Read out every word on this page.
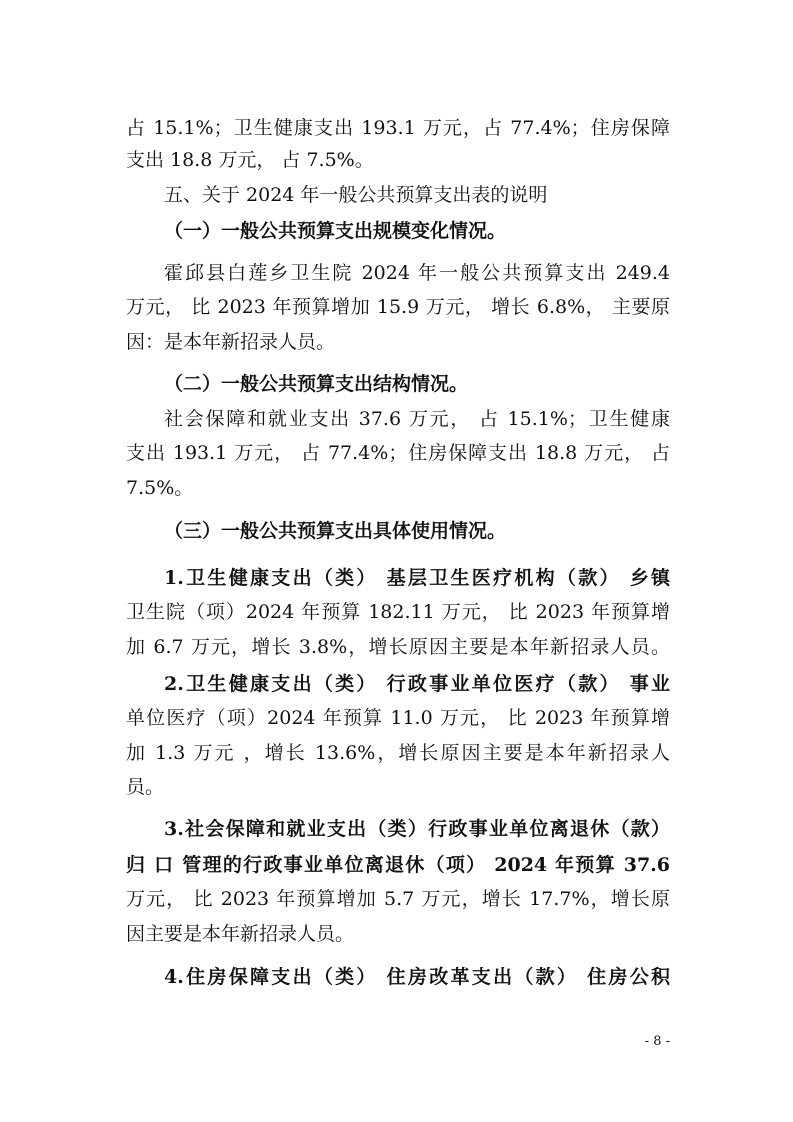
占 15.1%；卫生健康支出 193.1 万元，占 77.4%；住房保障
支出 18.8 万元， 占 7.5%。
五、关于 2024 年一般公共预算支出表的说明
（一）一般公共预算支出规模变化情况。
霍邱县白莲乡卫生院 2024 年一般公共预算支出 249.4
万元， 比 2023 年预算增加 15.9 万元， 增长 6.8%， 主要原
因：是本年新招录人员。
（二）一般公共预算支出结构情况。
社会保障和就业支出 37.6 万元， 占 15.1%；卫生健康
支出 193.1 万元， 占 77.4%；住房保障支出 18.8 万元， 占
7.5%。
（三）一般公共预算支出具体使用情况。
1.卫生健康支出（类） 基层卫生医疗机构（款） 乡镇
卫生院（项）2024 年预算 182.11 万元， 比 2023 年预算增
加 6.7 万元，增长 3.8%，增长原因主要是本年新招录人员。
2.卫生健康支出（类） 行政事业单位医疗（款） 事业
单位医疗（项）2024 年预算 11.0 万元， 比 2023 年预算增
加 1.3 万元 ，增长 13.6%，增长原因主要是本年新招录人
员。
3.社会保障和就业支出（类）行政事业单位离退休（款）
归 口 管理的行政事业单位离退休（项） 2024 年预算 37.6
万元， 比 2023 年预算增加 5.7 万元，增长 17.7%，增长原
因主要是本年新招录人员。
4.住房保障支出（类） 住房改革支出（款） 住房公积
- 8 -
